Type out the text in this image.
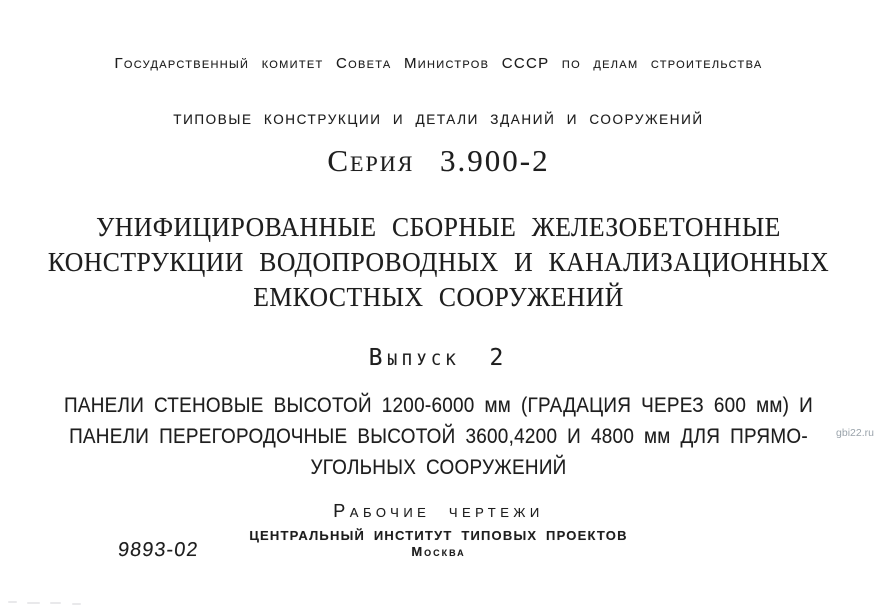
Государственный комитет Совета Министров СССР по делам строительства
ТИПОВЫЕ КОНСТРУКЦИИ И ДЕТАЛИ ЗДАНИЙ И СООРУЖЕНИЙ
Серия 3.900-2
УНИФИЦИРОВАННЫЕ СБОРНЫЕ ЖЕЛЕЗОБЕТОННЫЕ
КОНСТРУКЦИИ ВОДОПРОВОДНЫХ И КАНАЛИЗАЦИОННЫХ
ЕМКОСТНЫХ СООРУЖЕНИЙ
Выпуск 2
ПАНЕЛИ СТЕНОВЫЕ ВЫСОТОЙ 1200-6000 мм (ГРАДАЦИЯ ЧЕРЕЗ 600 мм) И
ПАНЕЛИ ПЕРЕГОРОДОЧНЫЕ ВЫСОТОЙ 3600,4200 И 4800 мм ДЛЯ ПРЯМО-
УГОЛЬНЫХ СООРУЖЕНИЙ
Рабочие чертежи
ЦЕНТРАЛЬНЫЙ ИНСТИТУТ ТИПОВЫХ ПРОЕКТОВ
Москва
9893-02
gbi22.ru
